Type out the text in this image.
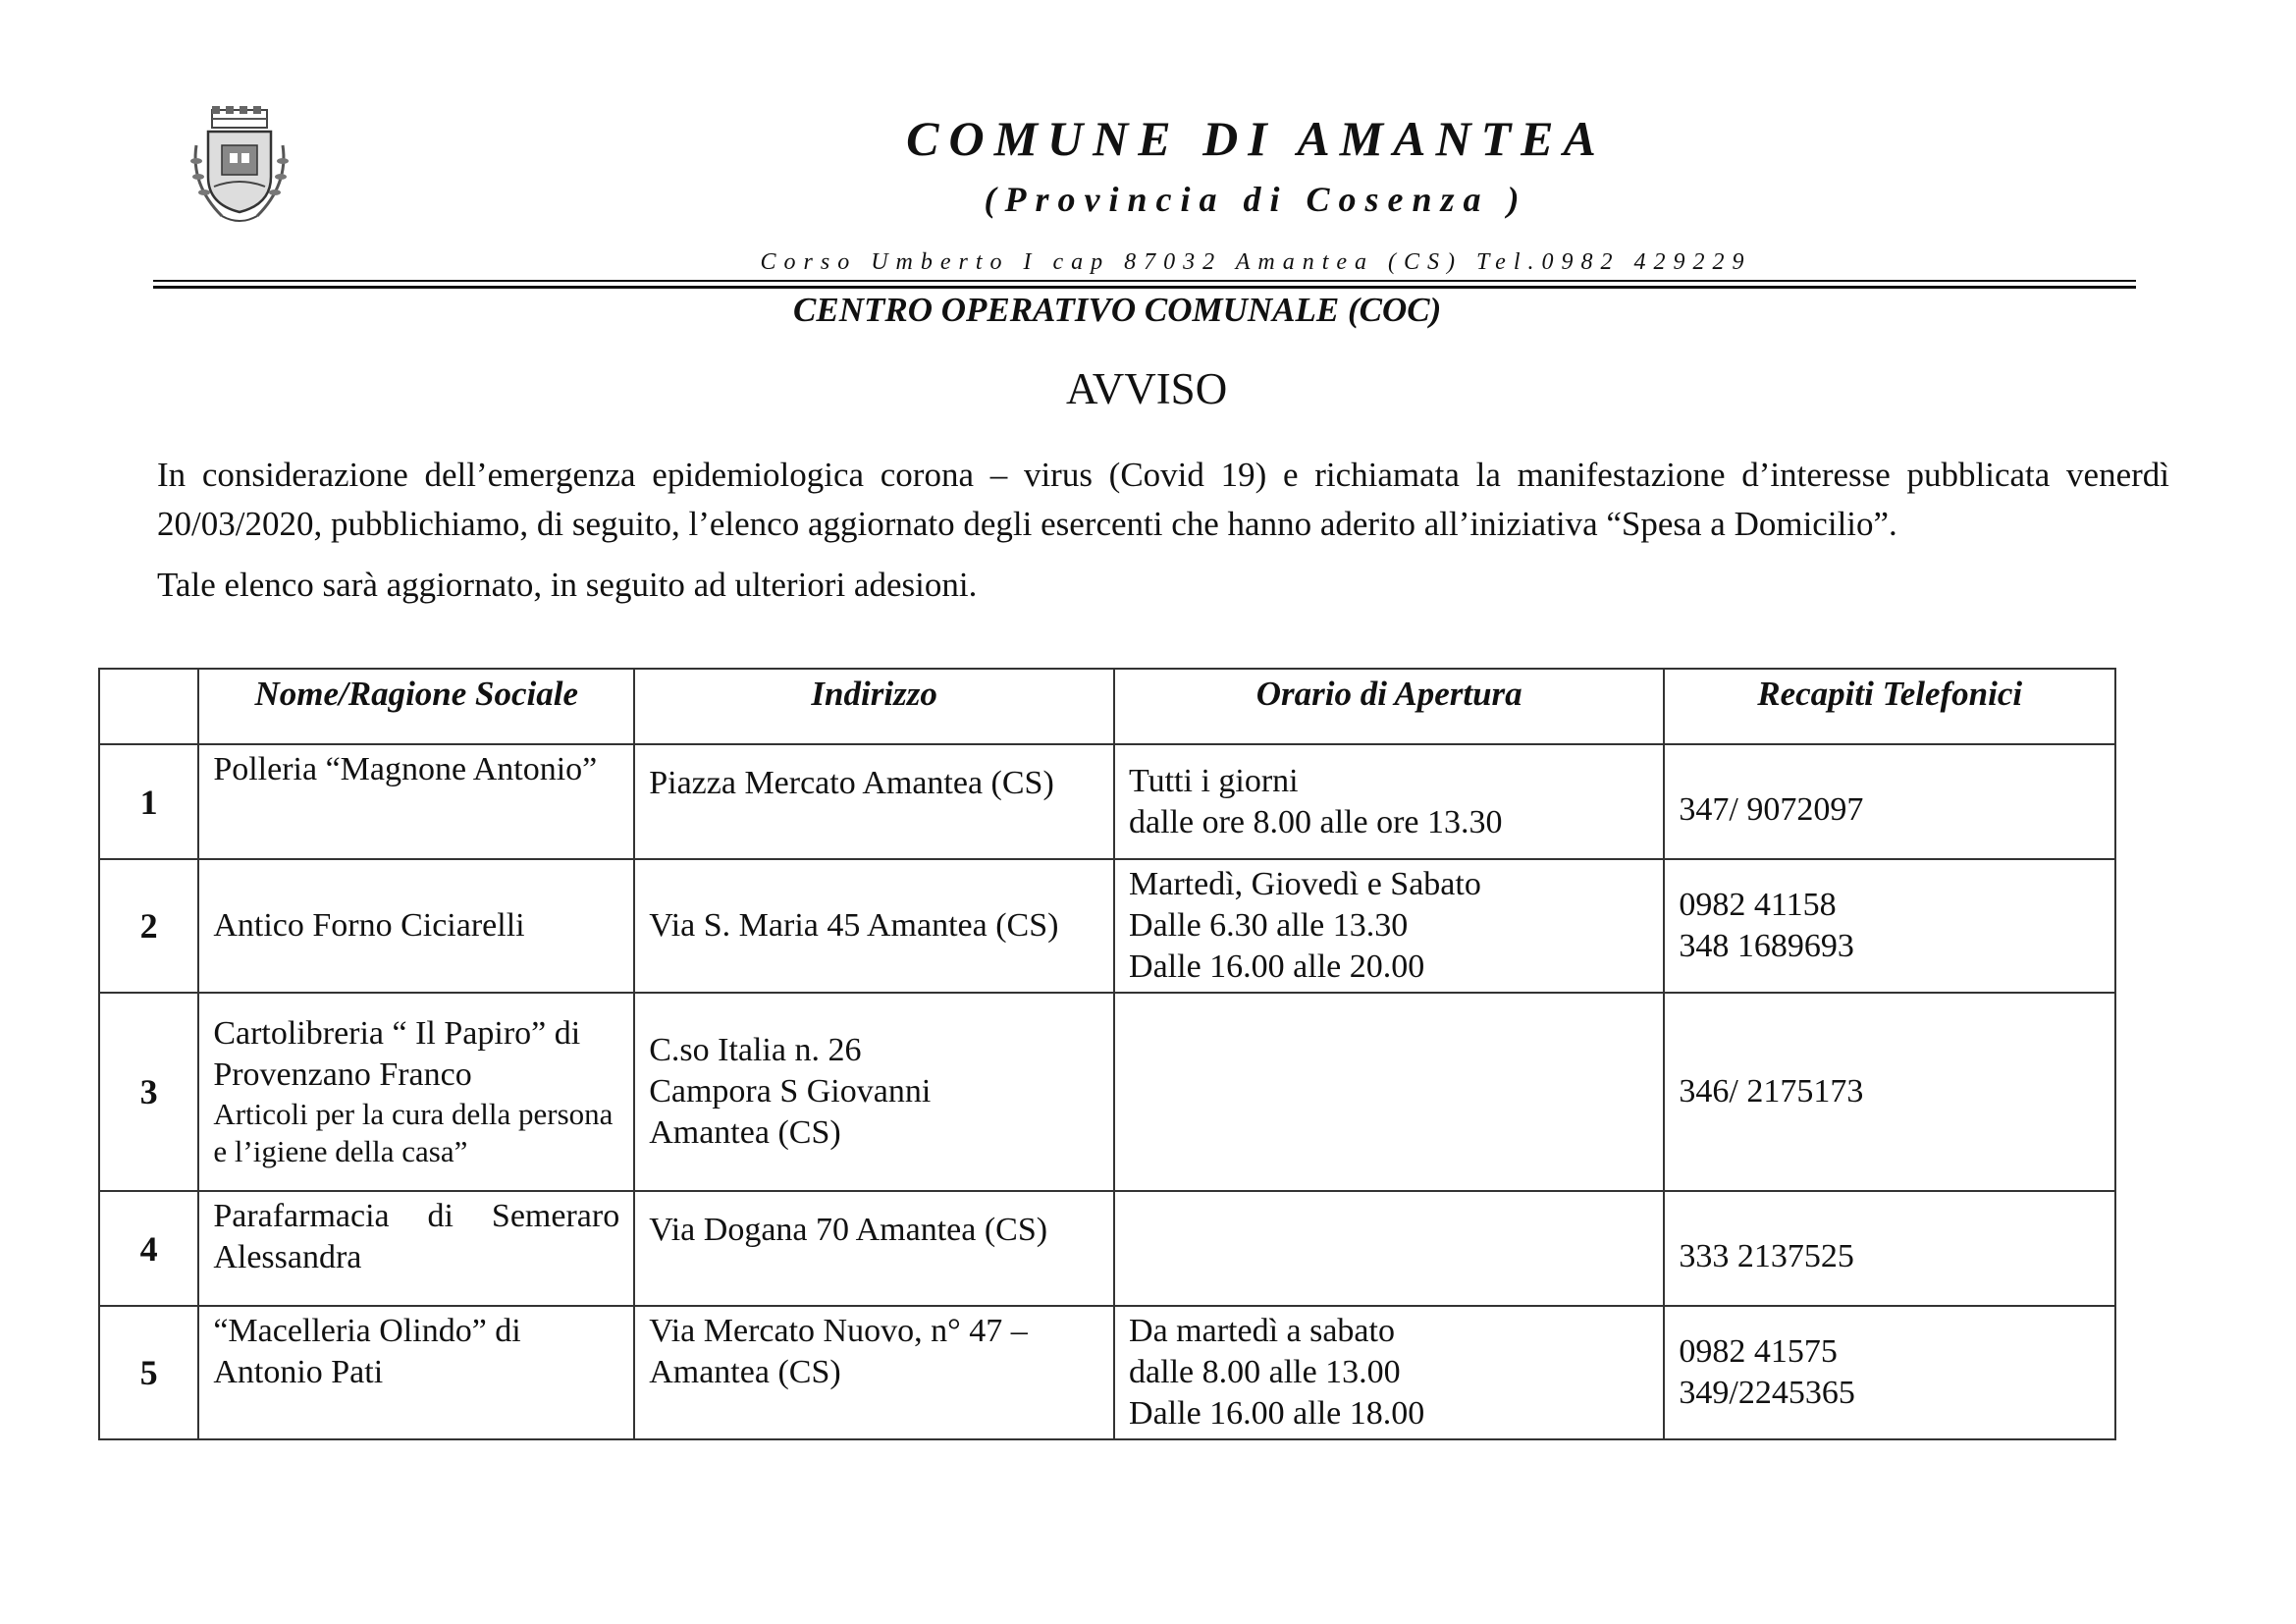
COMUNE DI AMANTEA
(Provincia di Cosenza )
Corso Umberto I cap 87032 Amantea (CS) Tel.0982 429229
CENTRO OPERATIVO COMUNALE (COC)
AVVISO

In considerazione dell’emergenza epidemiologica corona – virus (Covid 19) e richiamata la manifestazione d’interesse pubblicata venerdì 20/03/2020, pubblichiamo, di seguito, l’elenco aggiornato degli esercenti che hanno aderito all’iniziativa “Spesa a Domicilio”.

Tale elenco sarà aggiornato, in seguito ad ulteriori adesioni.

	Nome/Ragione Sociale	Indirizzo	Orario di Apertura	Recapiti Telefonici
1	Polleria “Magnone Antonio”	Piazza Mercato Amantea (CS)	Tutti i giorni
dalle ore 8.00 alle ore 13.30	347/ 9072097

2	Antico Forno Ciciarelli	Via S. Maria 45 Amantea (CS)	Martedì, Giovedì e Sabato
Dalle 6.30 alle 13.30
Dalle 16.00 alle 20.00	0982 41158
348 1689693

3	Cartolibreria “ Il Papiro” di Provenzano Franco
Articoli per la cura della persona e l’igiene della casa”	C.so Italia n. 26
Campora S Giovanni
Amantea (CS)		346/ 2175173

4	Parafarmacia di Semeraro Alessandra	Via Dogana 70 Amantea (CS)		333 2137525

5	“Macelleria Olindo” di Antonio Pati	Via Mercato Nuovo, n° 47 – Amantea (CS)	Da martedì a sabato
dalle 8.00 alle 13.00
Dalle 16.00 alle 18.00	0982 41575
349/2245365
